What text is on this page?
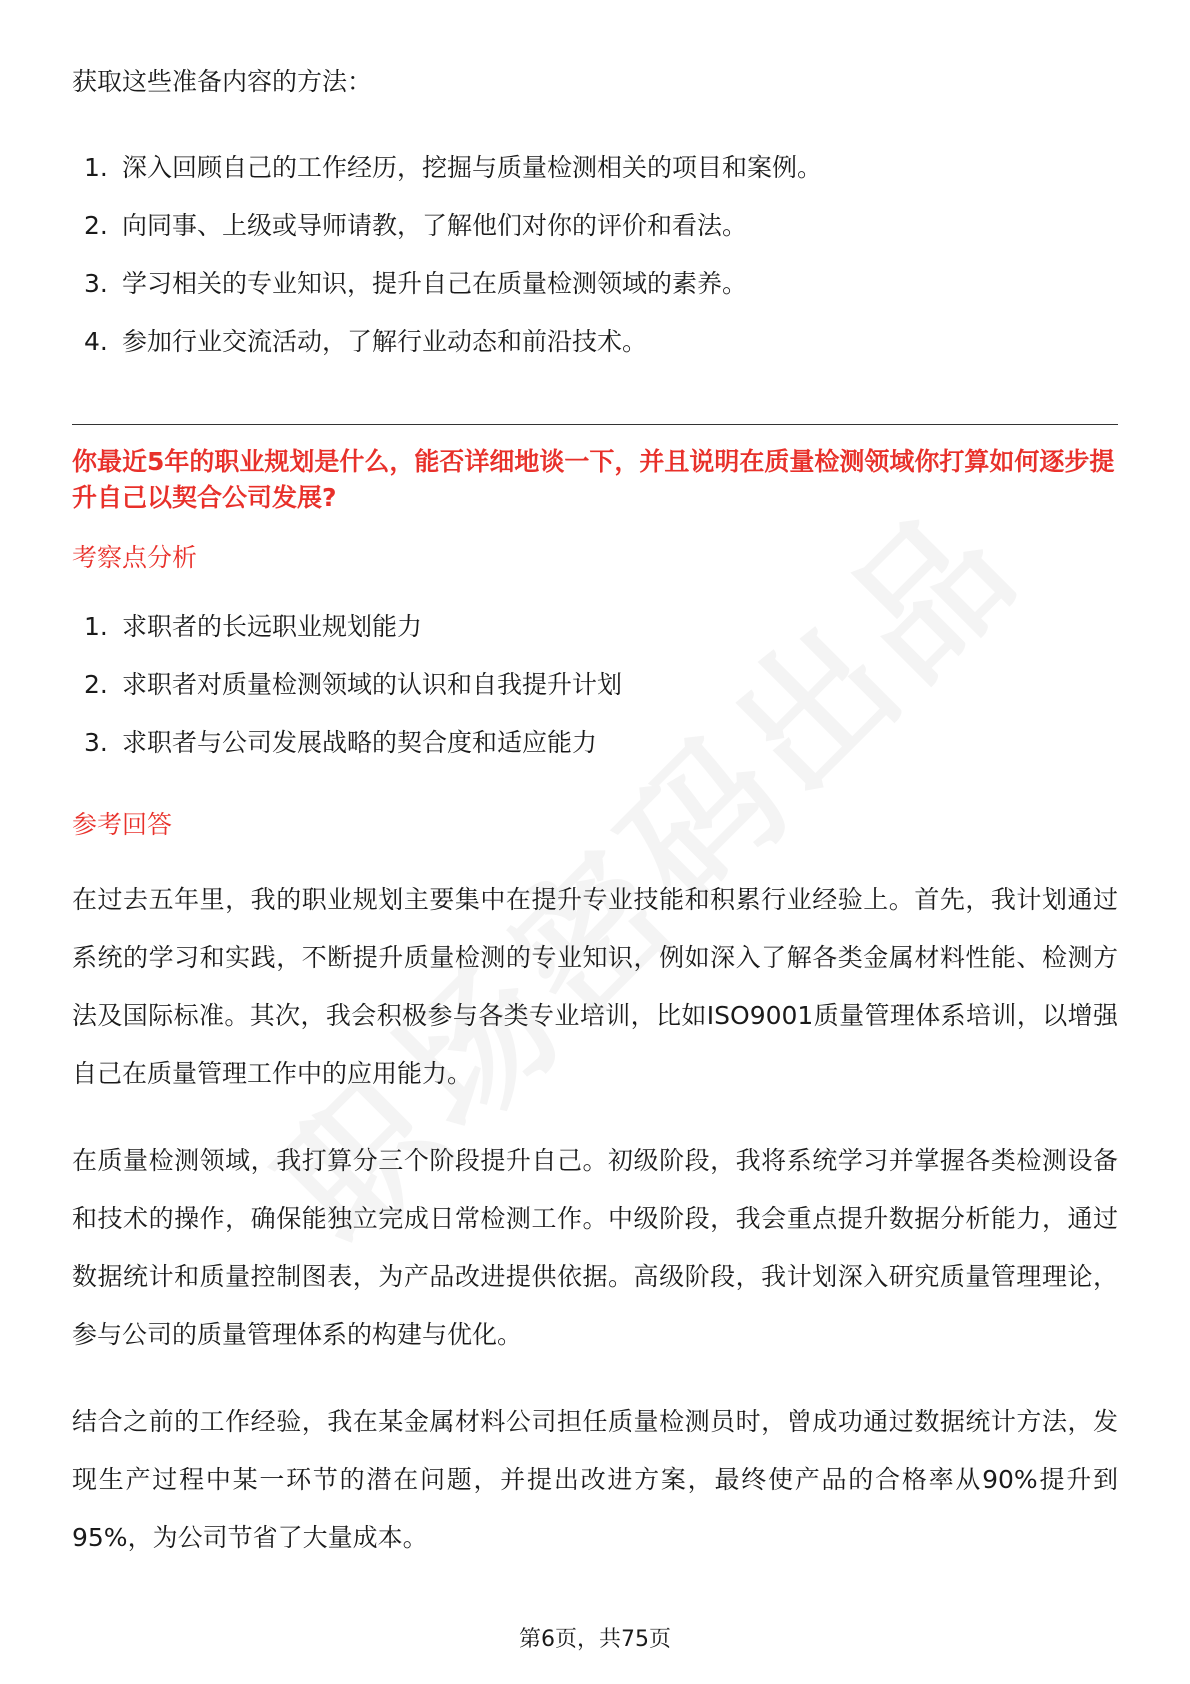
获取这些准备内容的方法：

1. 深入回顾自己的工作经历，挖掘与质量检测相关的项目和案例。
2. 向同事、上级或导师请教，了解他们对你的评价和看法。
3. 学习相关的专业知识，提升自己在质量检测领域的素养。
4. 参加行业交流活动，了解行业动态和前沿技术。

你最近5年的职业规划是什么，能否详细地谈一下，并且说明在质量检测领域你打算如何逐步提升自己以契合公司发展?

考察点分析
1. 求职者的长远职业规划能力
2. 求职者对质量检测领域的认识和自我提升计划
3. 求职者与公司发展战略的契合度和适应能力
参考回答

在过去五年里，我的职业规划主要集中在提升专业技能和积累行业经验上。首先，我计划通过系统的学习和实践，不断提升质量检测的专业知识，例如深入了解各类金属材料性能、检测方法及国际标准。其次，我会积极参与各类专业培训，比如ISO9001质量管理体系培训，以增强自己在质量管理工作中的应用能力。

在质量检测领域，我打算分三个阶段提升自己。初级阶段，我将系统学习并掌握各类检测设备和技术的操作，确保能独立完成日常检测工作。中级阶段，我会重点提升数据分析能力，通过数据统计和质量控制图表，为产品改进提供依据。高级阶段，我计划深入研究质量管理理论，参与公司的质量管理体系的构建与优化。

结合之前的工作经验，我在某金属材料公司担任质量检测员时，曾成功通过数据统计方法，发现生产过程中某一环节的潜在问题，并提出改进方案，最终使产品的合格率从90%提升到95%，为公司节省了大量成本。

第6页，共75页
